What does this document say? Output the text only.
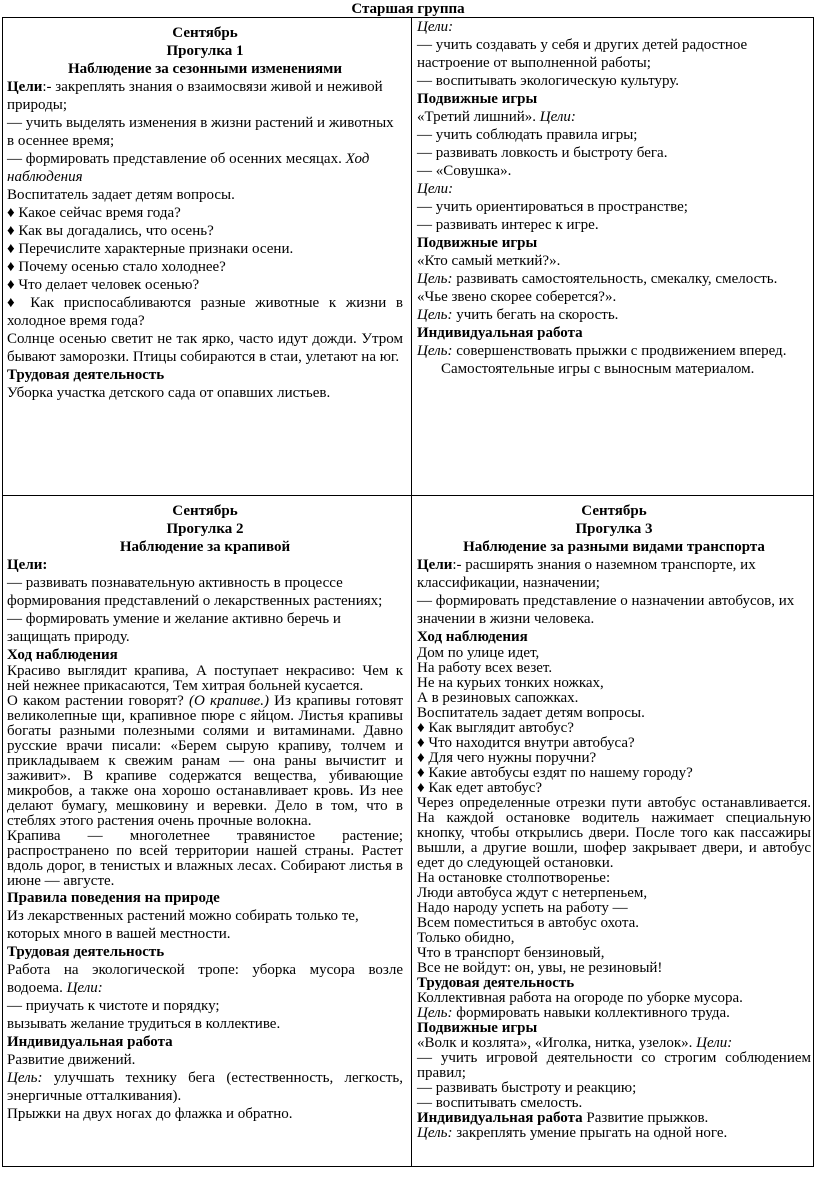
Старшая группа

Сентябрь

Прогулка 1

Наблюдение за сезонными изменениями

Цели:- закреплять знания о взаимосвязи живой и неживой природы;

— учить выделять изменения в жизни растений и животных в осеннее время;

— формировать представление об осенних месяцах. Ход наблюдения

Воспитатель задает детям вопросы.

♦ Какое сейчас время года?

♦ Как вы догадались, что осень?

♦ Перечислите характерные признаки осени.

♦ Почему осенью стало холоднее?

♦ Что делает человек осенью?

♦ Как приспосабливаются разные животные к жизни в холодное время года?

Солнце осенью светит не так ярко, часто идут дожди. Утром бывают заморозки. Птицы собираются в стаи, улетают на юг.

Трудовая деятельность

Уборка участка детского сада от опавших листьев.

Цели:

— учить создавать у себя и других детей радостное настроение от выполненной работы;

— воспитывать экологическую культуру.

Подвижные игры

«Третий лишний». Цели:

— учить соблюдать правила игры;

— развивать ловкость и быстроту бега.

— «Совушка».

Цели:

— учить ориентироваться в пространстве;

— развивать интерес к игре.

Подвижные игры

«Кто самый меткий?».

Цель: развивать самостоятельность, смекалку, смелость. «Чье звено скорее соберется?».

Цель: учить бегать на скорость.

Индивидуальная работа

Цель: совершенствовать прыжки с продвижением вперед.

Самостоятельные игры с выносным материалом.

Сентябрь

Прогулка 2

Наблюдение за крапивой

Цели:

— развивать познавательную активность в процессе формирования представлений о лекарственных растениях;

— формировать умение и желание активно беречь и защищать природу.

Ход наблюдения

Красиво выглядит крапива, А поступает некрасиво: Чем к ней нежнее прикасаются, Тем хитрая больней кусается.

О каком растении говорят? (О крапиве.) Из крапивы готовят великолепные щи, крапивное пюре с яйцом. Листья крапивы богаты разными полезными солями и витаминами. Давно русские врачи писали: «Берем сырую крапиву, толчем и прикладываем к свежим ранам — она раны вычистит и заживит». В крапиве содержатся вещества, убивающие микробов, а также она хорошо останавливает кровь. Из нее делают бумагу, мешковину и веревки. Дело в том, что в стеблях этого растения очень прочные волокна.

Крапива — многолетнее травянистое растение; распространено по всей территории нашей страны. Растет вдоль дорог, в тенистых и влажных лесах. Собирают листья в июне — августе.

Правила поведения на природе

Из лекарственных растений можно собирать только те, которых много в вашей местности.

Трудовая деятельность

Работа на экологической тропе: уборка мусора возле водоема. Цели:

— приучать к чистоте и порядку;

вызывать желание трудиться в коллективе.

Индивидуальная работа

Развитие движений.

Цель: улучшать технику бега (естественность, легкость, энергичные отталкивания).

Прыжки на двух ногах до флажка и обратно.

Сентябрь

Прогулка 3

Наблюдение за разными видами транспорта

Цели:- расширять знания о наземном транспорте, их классификации, назначении;

— формировать представление о назначении автобусов, их значении в жизни человека.

Ход наблюдения

Дом по улице идет,

На работу всех везет.

Не на курьих тонких ножках,

А в резиновых сапожках.

Воспитатель задает детям вопросы.

♦ Как выглядит автобус?

♦ Что находится внутри автобуса?

♦ Для чего нужны поручни?

♦ Какие автобусы ездят по нашему городу?

♦ Как едет автобус?

Через определенные отрезки пути автобус останавливается. На каждой остановке водитель нажимает специальную кнопку, чтобы открылись двери. После того как пассажиры вышли, а другие вошли, шофер закрывает двери, и автобус едет до следующей остановки.

На остановке столпотворенье:

Люди автобуса ждут с нетерпеньем,

Надо народу успеть на работу —

Всем поместиться в автобус охота.

Только обидно,

Что в транспорт бензиновый,

Все не войдут: он, увы, не резиновый!

Трудовая деятельность

Коллективная работа на огороде по уборке мусора.

Цель: формировать навыки коллективного труда.

Подвижные игры

«Волк и козлята», «Иголка, нитка, узелок». Цели:

— учить игровой деятельности со строгим соблюдением правил;

— развивать быстроту и реакцию;

— воспитывать смелость.

Индивидуальная работа Развитие прыжков.

Цель: закреплять умение прыгать на одной ноге.
